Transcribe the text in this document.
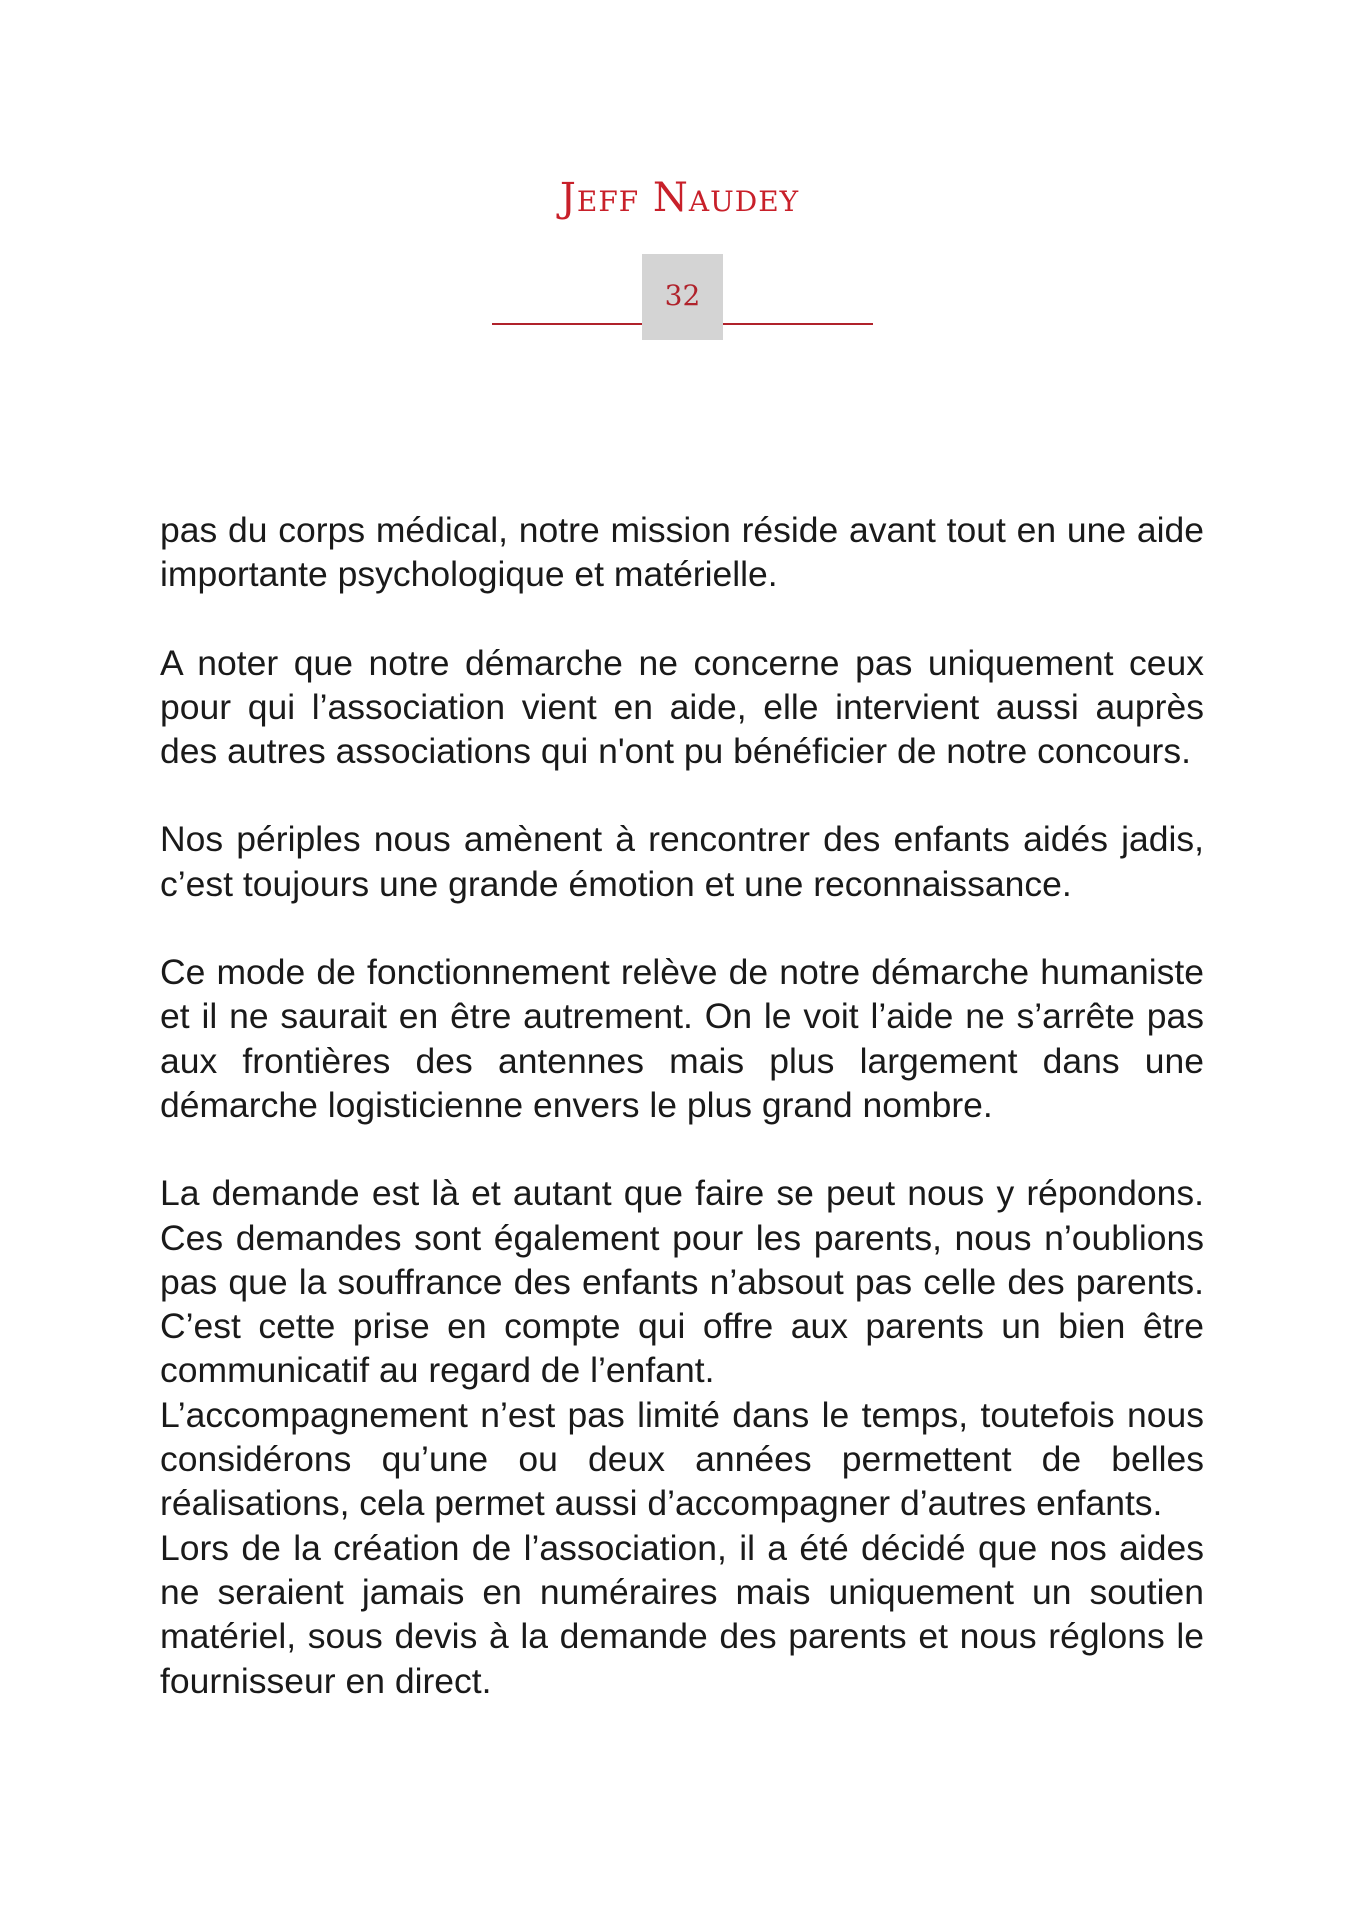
Jeff Naudey
32

pas du corps médical, notre mission réside avant tout en une aide importante psychologique et matérielle.

A noter que notre démarche ne concerne pas uniquement ceux pour qui l’association vient en aide, elle intervient aussi auprès des autres associations qui n'ont pu bénéficier de notre concours.

Nos périples nous amènent à rencontrer des enfants aidés jadis, c’est toujours une grande émotion et une reconnaissance.

Ce mode de fonctionnement relève de notre démarche humaniste et il ne saurait en être autrement. On le voit l’aide ne s’arrête pas aux frontières des antennes mais plus largement dans une démarche logisticienne envers le plus grand nombre.

La demande est là et autant que faire se peut nous y répondons. Ces demandes sont également pour les parents, nous n’oublions pas que la souffrance des enfants n’absout pas celle des parents. C’est cette prise en compte qui offre aux parents un bien être communicatif au regard de l’enfant.

L’accompagnement n’est pas limité dans le temps, toutefois nous considérons qu’une ou deux années permettent de belles réalisations, cela permet aussi d’accompagner d’autres enfants.

Lors de la création de l’association, il a été décidé que nos aides ne seraient jamais en numéraires mais uniquement un soutien matériel, sous devis à la demande des parents et nous réglons le fournisseur en direct.
